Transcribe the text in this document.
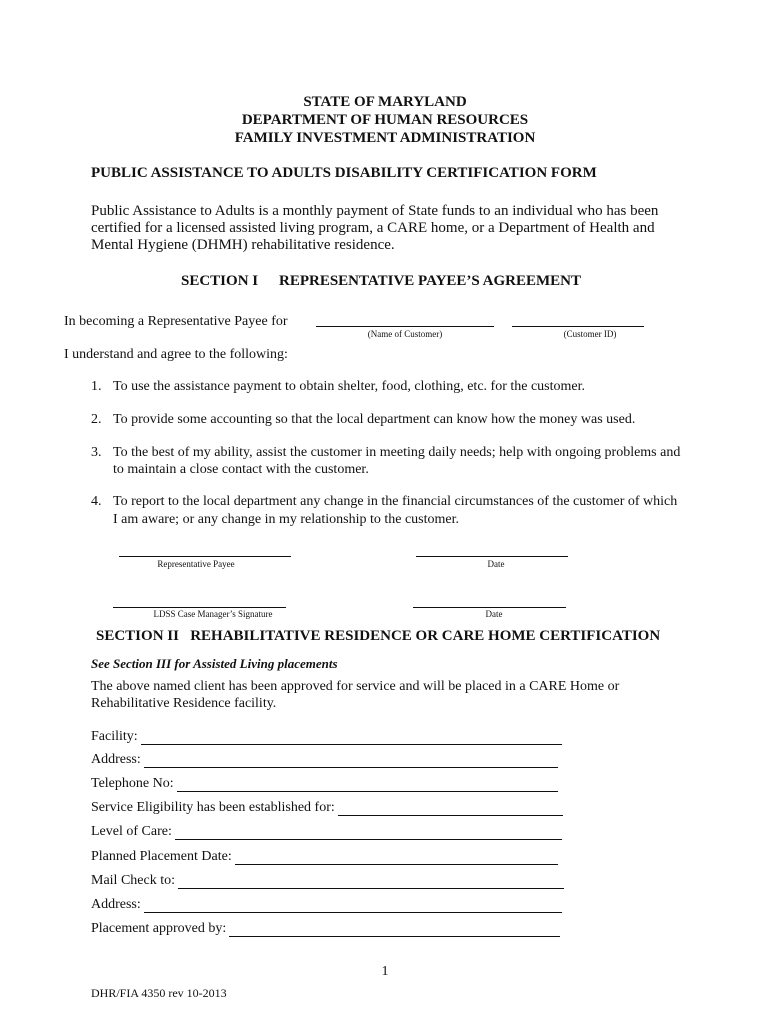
STATE OF MARYLAND
DEPARTMENT OF HUMAN RESOURCES
FAMILY INVESTMENT ADMINISTRATION
PUBLIC ASSISTANCE TO ADULTS DISABILITY CERTIFICATION FORM
Public Assistance to Adults is a monthly payment of State funds to an individual who has been
certified for a licensed assisted living program, a CARE home, or a Department of Health and
Mental Hygiene (DHMH) rehabilitative residence.
SECTION I REPRESENTATIVE PAYEE’S AGREEMENT
In becoming a Representative Payee for
(Name of Customer)	(Customer ID)
I understand and agree to the following:
1. To use the assistance payment to obtain shelter, food, clothing, etc. for the customer.
2. To provide some accounting so that the local department can know how the money was used.
3. To the best of my ability, assist the customer in meeting daily needs; help with ongoing problems and
to maintain a close contact with the customer.
4. To report to the local department any change in the financial circumstances of the customer of which
I am aware; or any change in my relationship to the customer.
Representative Payee	Date
LDSS Case Manager’s Signature	Date
SECTION II   REHABILITATIVE RESIDENCE OR CARE HOME CERTIFICATION
See Section III for Assisted Living placements
The above named client has been approved for service and will be placed in a CARE Home or
Rehabilitative Residence facility.
Facility:
Address:
Telephone No:
Service Eligibility has been established for:
Level of Care:
Planned Placement Date:
Mail Check to:
Address:
Placement approved by:
1
DHR/FIA 4350 rev 10-2013
